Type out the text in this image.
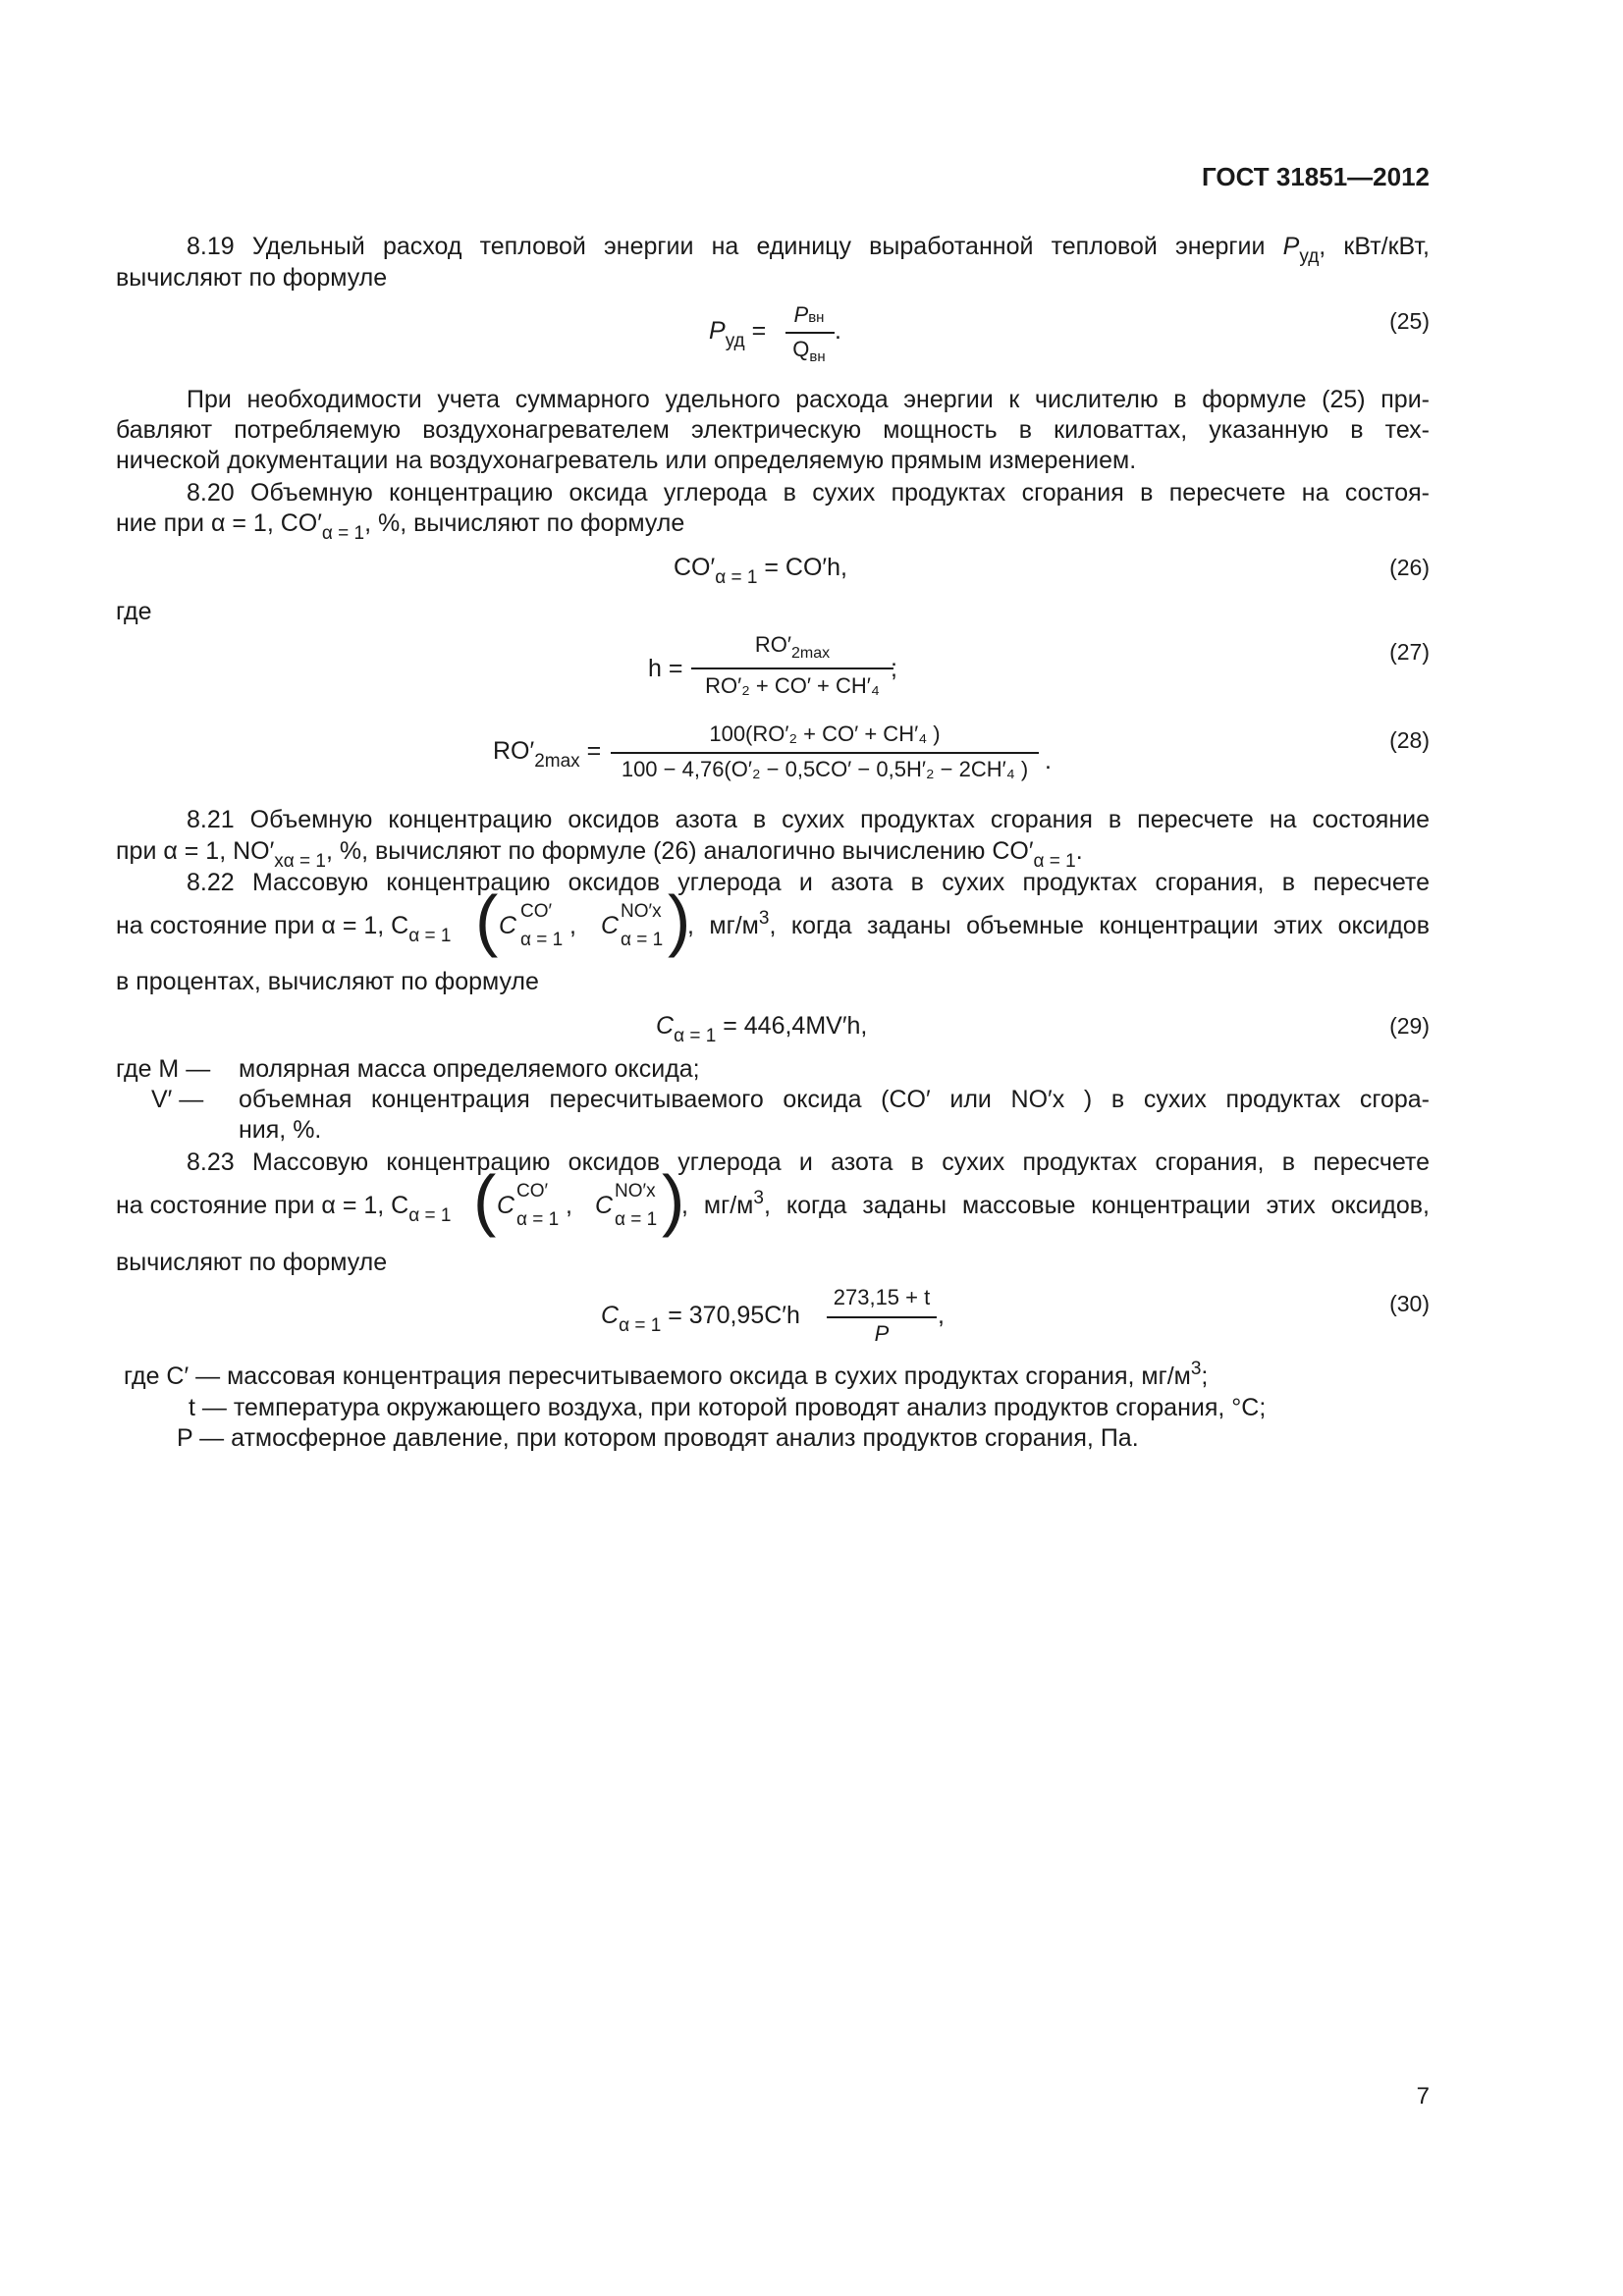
ГОСТ 31851—2012
8.19 Удельный расход тепловой энергии на единицу выработанной тепловой энергии $P_{уд}$, кВт/кВт,
вычисляют по формуле
$P_{уд}$ =
Pвн
$Q_{вн}$
.	(25)
При необходимости учета суммарного удельного расхода энергии к числителю в формуле (25) при-
бавляют потребляемую воздухонагревателем электрическую мощность в киловаттах, указанную в тех-
нической документации на воздухонагреватель или определяемую прямым измерением.
8.20 Объемную концентрацию оксида углерода в сухих продуктах сгорания в пересчете на состоя-
ние при α = 1, $CO'_{\alpha = 1}$, %, вычисляют по формуле
$CO'_{\alpha = 1} = CO'h$,	(26)
где
h =
$RO'_{2max}$
RO′₂ + CO′ + CH′₄
;
(27)
$RO'_{2max}$ =
100(RO′₂ + CO′ + CH′₄ )
100 − 4,76(O′₂ − 0,5CO′ − 0,5H′₂ − 2CH′₄ ) .
(28)
8.21 Объемную концентрацию оксидов азота в сухих продуктах сгорания в пересчете на состояние
при α = 1, $NO'_{x\alpha = 1}$, %, вычисляют по формуле (26) аналогично вычислению $CO'_{\alpha = 1}$.
8.22 Массовую концентрацию оксидов углерода и азота в сухих продуктах сгорания, в пересчете
на состояние при α = 1, $C_{\alpha = 1}$ ( C
CO′
α = 1
, C
NO′x
α = 1 )
, $мг/м^3$, когда заданы объемные концентрации этих оксидов
в процентах, вычисляют по формуле
$C_{\alpha = 1} = 446,4MV'h$,	(29)
где M — молярная масса определяемого оксида;
V′ — объемная концентрация пересчитываемого оксида (CO′ или NO′x ) в сухих продуктах сгора-
ния, %.
8.23 Массовую концентрацию оксидов углерода и азота в сухих продуктах сгорания, в пересчете
на состояние при α = 1, $C_{\alpha = 1}$ ( C
CO′
α = 1
, C
NO′x
α = 1 )
, $мг/м^3$, когда заданы массовые концентрации этих оксидов,
вычисляют по формуле
$C_{\alpha = 1} = 370,95C'h$
273,15 + t
P
,	(30)
где C′ — массовая концентрация пересчитываемого оксида в сухих продуктах сгорания, $мг/м^3$;
t — температура окружающего воздуха, при которой проводят анализ продуктов сгорания, °C;
P — атмосферное давление, при котором проводят анализ продуктов сгорания, Па.
7
